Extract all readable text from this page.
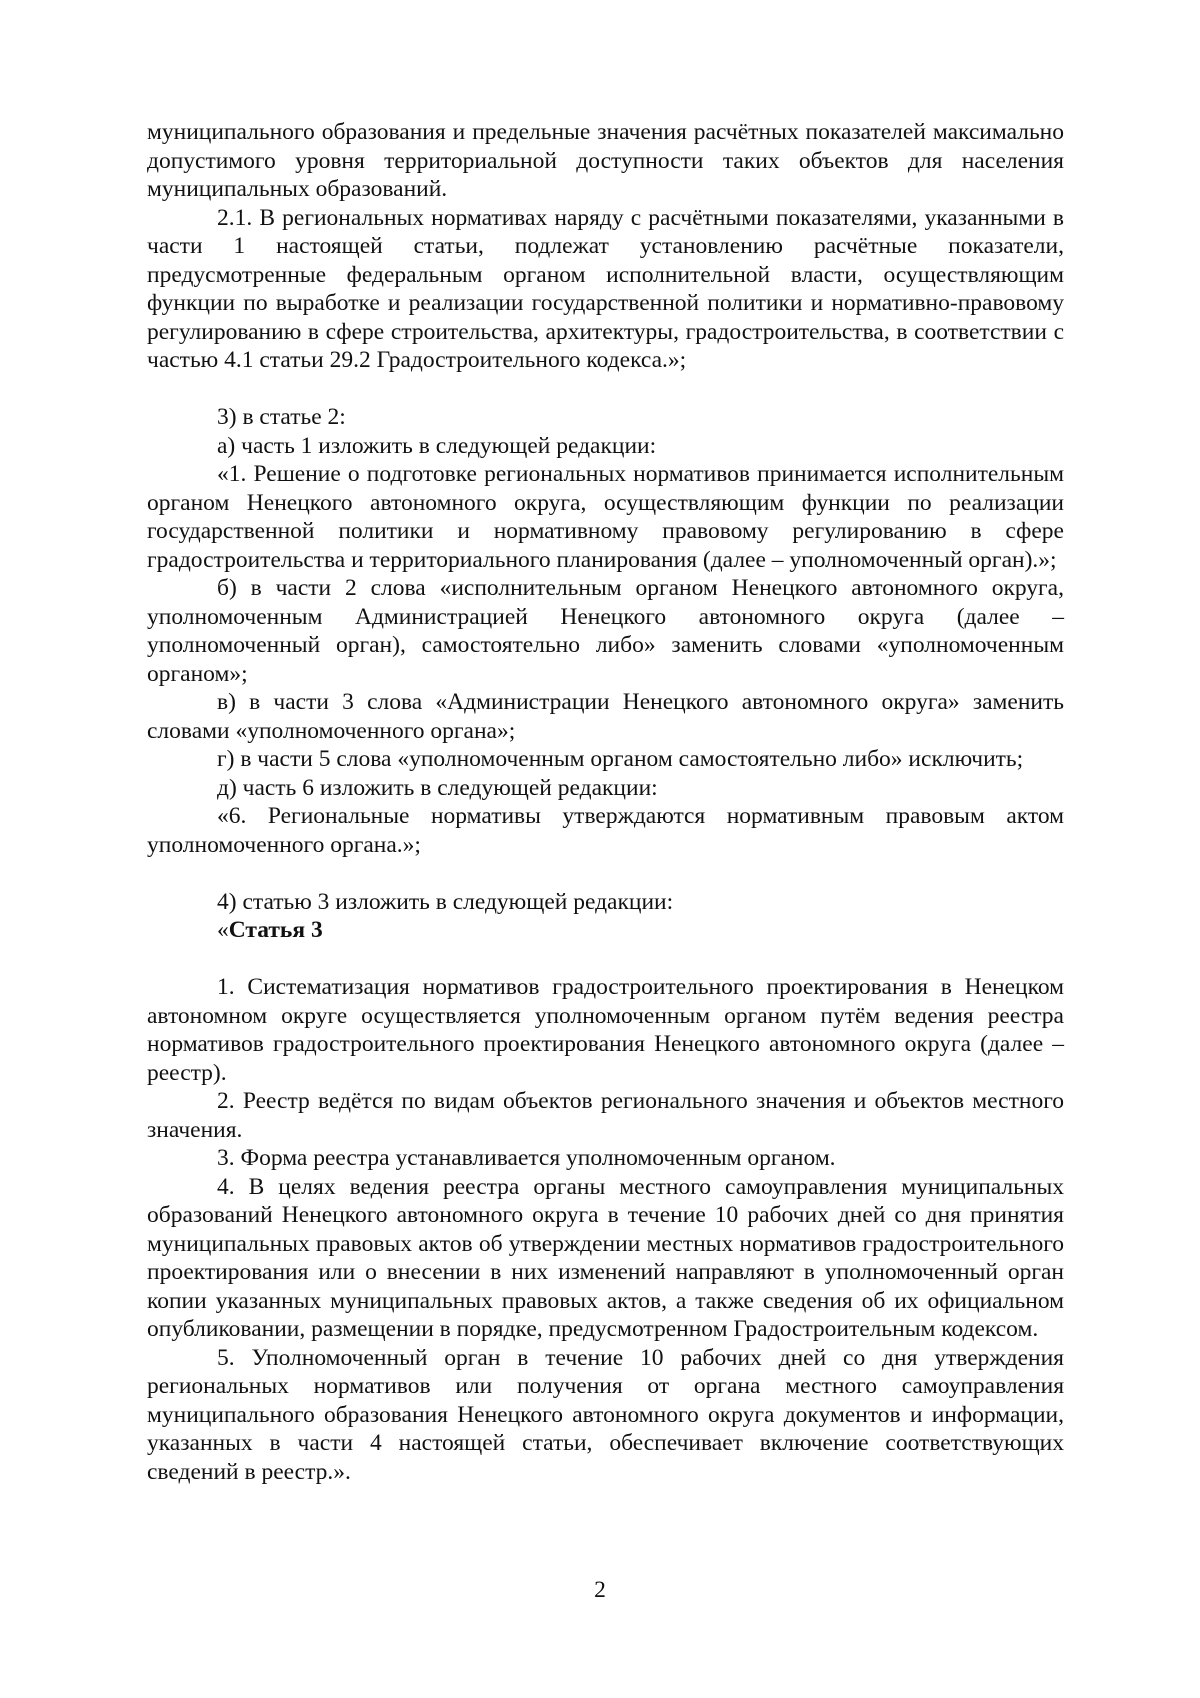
муниципального образования и предельные значения расчётных показателей максимально допустимого уровня территориальной доступности таких объектов для населения муниципальных образований.

2.1. В региональных нормативах наряду с расчётными показателями, указанными в части 1 настоящей статьи, подлежат установлению расчётные показатели, предусмотренные федеральным органом исполнительной власти, осуществляющим функции по выработке и реализации государственной политики и нормативно-правовому регулированию в сфере строительства, архитектуры, градостроительства, в соответствии с частью 4.1 статьи 29.2 Градостроительного кодекса.»;

3) в статье 2:

а) часть 1 изложить в следующей редакции:

«1. Решение о подготовке региональных нормативов принимается исполнительным органом Ненецкого автономного округа, осуществляющим функции по реализации государственной политики и нормативному правовому регулированию в сфере градостроительства и территориального планирования (далее – уполномоченный орган).»;

б) в части 2 слова «исполнительным органом Ненецкого автономного округа, уполномоченным Администрацией Ненецкого автономного округа (далее – уполномоченный орган), самостоятельно либо» заменить словами «уполномоченным органом»;

в) в части 3 слова «Администрации Ненецкого автономного округа» заменить словами «уполномоченного органа»;

г) в части 5 слова «уполномоченным органом самостоятельно либо» исключить;

д) часть 6 изложить в следующей редакции:

«6. Региональные нормативы утверждаются нормативным правовым актом уполномоченного органа.»;

4) статью 3 изложить в следующей редакции:

«Статья 3

1. Систематизация нормативов градостроительного проектирования в Ненецком автономном округе осуществляется уполномоченным органом путём ведения реестра нормативов градостроительного проектирования Ненецкого автономного округа (далее – реестр).

2. Реестр ведётся по видам объектов регионального значения и объектов местного значения.

3. Форма реестра устанавливается уполномоченным органом.

4. В целях ведения реестра органы местного самоуправления муниципальных образований Ненецкого автономного округа в течение 10 рабочих дней со дня принятия муниципальных правовых актов об утверждении местных нормативов градостроительного проектирования или о внесении в них изменений направляют в уполномоченный орган копии указанных муниципальных правовых актов, а также сведения об их официальном опубликовании, размещении в порядке, предусмотренном Градостроительным кодексом.

5. Уполномоченный орган в течение 10 рабочих дней со дня утверждения региональных нормативов или получения от органа местного самоуправления муниципального образования Ненецкого автономного округа документов и информации, указанных в части 4 настоящей статьи, обеспечивает включение соответствующих сведений в реестр.».

2
